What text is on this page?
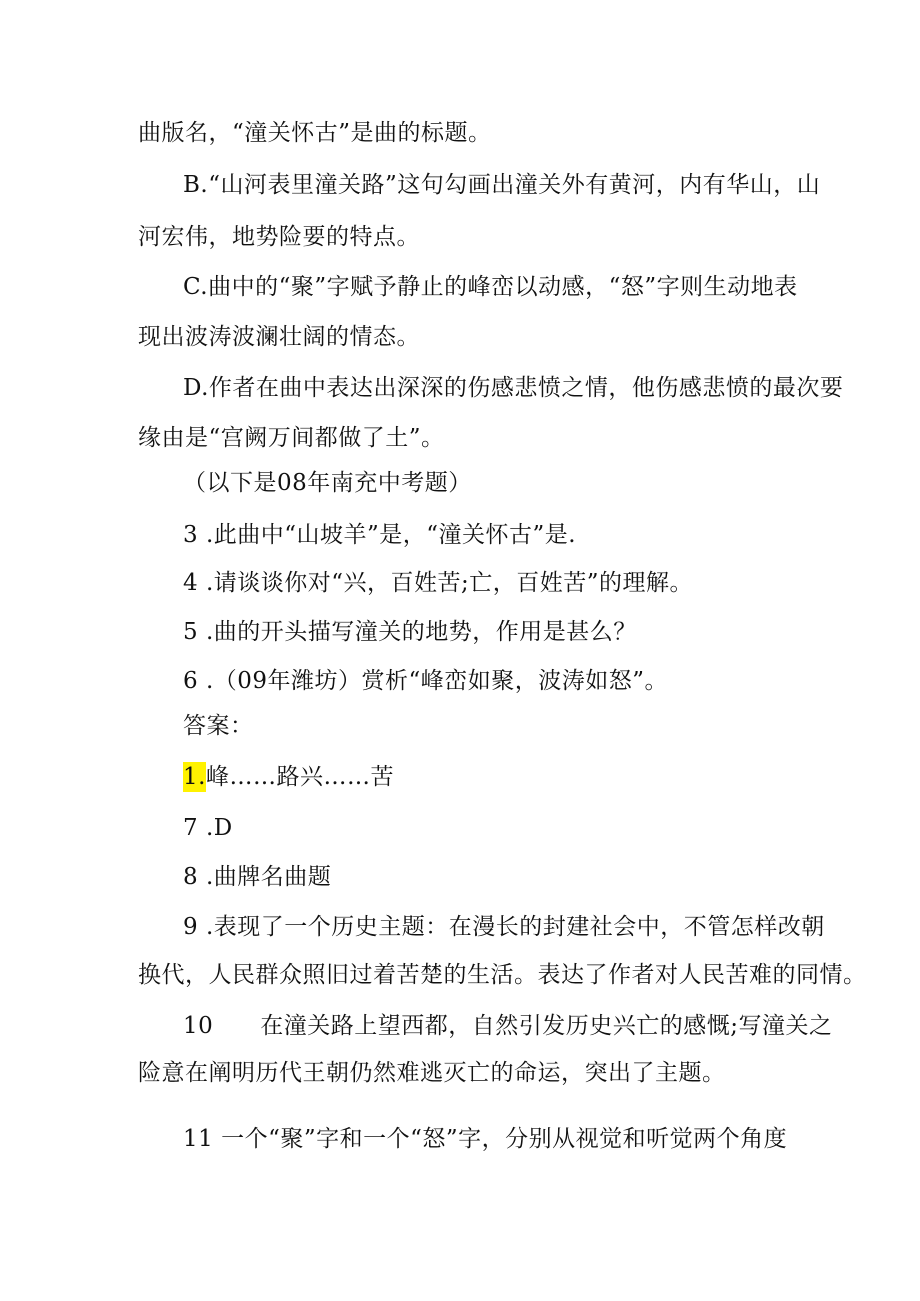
曲版名，“潼关怀古”是曲的标题。
B.“山河表里潼关路”这句勾画出潼关外有黄河，内有华山，山
河宏伟，地势险要的特点。
C.曲中的“聚”字赋予静止的峰峦以动感，“怒”字则生动地表
现出波涛波澜壮阔的情态。
D.作者在曲中表达出深深的伤感悲愤之情，他伤感悲愤的最次要
缘由是“宫阙万间都做了土”。
（以下是08年南充中考题）
3 .此曲中“山坡羊”是，“潼关怀古”是.
4 .请谈谈你对“兴，百姓苦;亡，百姓苦”的理解。
5 .曲的开头描写潼关的地势，作用是甚么？
6 .（09年潍坊）赏析“峰峦如聚，波涛如怒”。
答案：
1.峰……路兴……苦
7 .D
8 .曲牌名曲题
9 .表现了一个历史主题：在漫长的封建社会中，不管怎样改朝
换代，人民群众照旧过着苦楚的生活。表达了作者对人民苦难的同情。
10　　在潼关路上望西都，自然引发历史兴亡的感慨;写潼关之
险意在阐明历代王朝仍然难逃灭亡的命运，突出了主题。
11 一个“聚”字和一个“怒”字，分别从视觉和听觉两个角度
